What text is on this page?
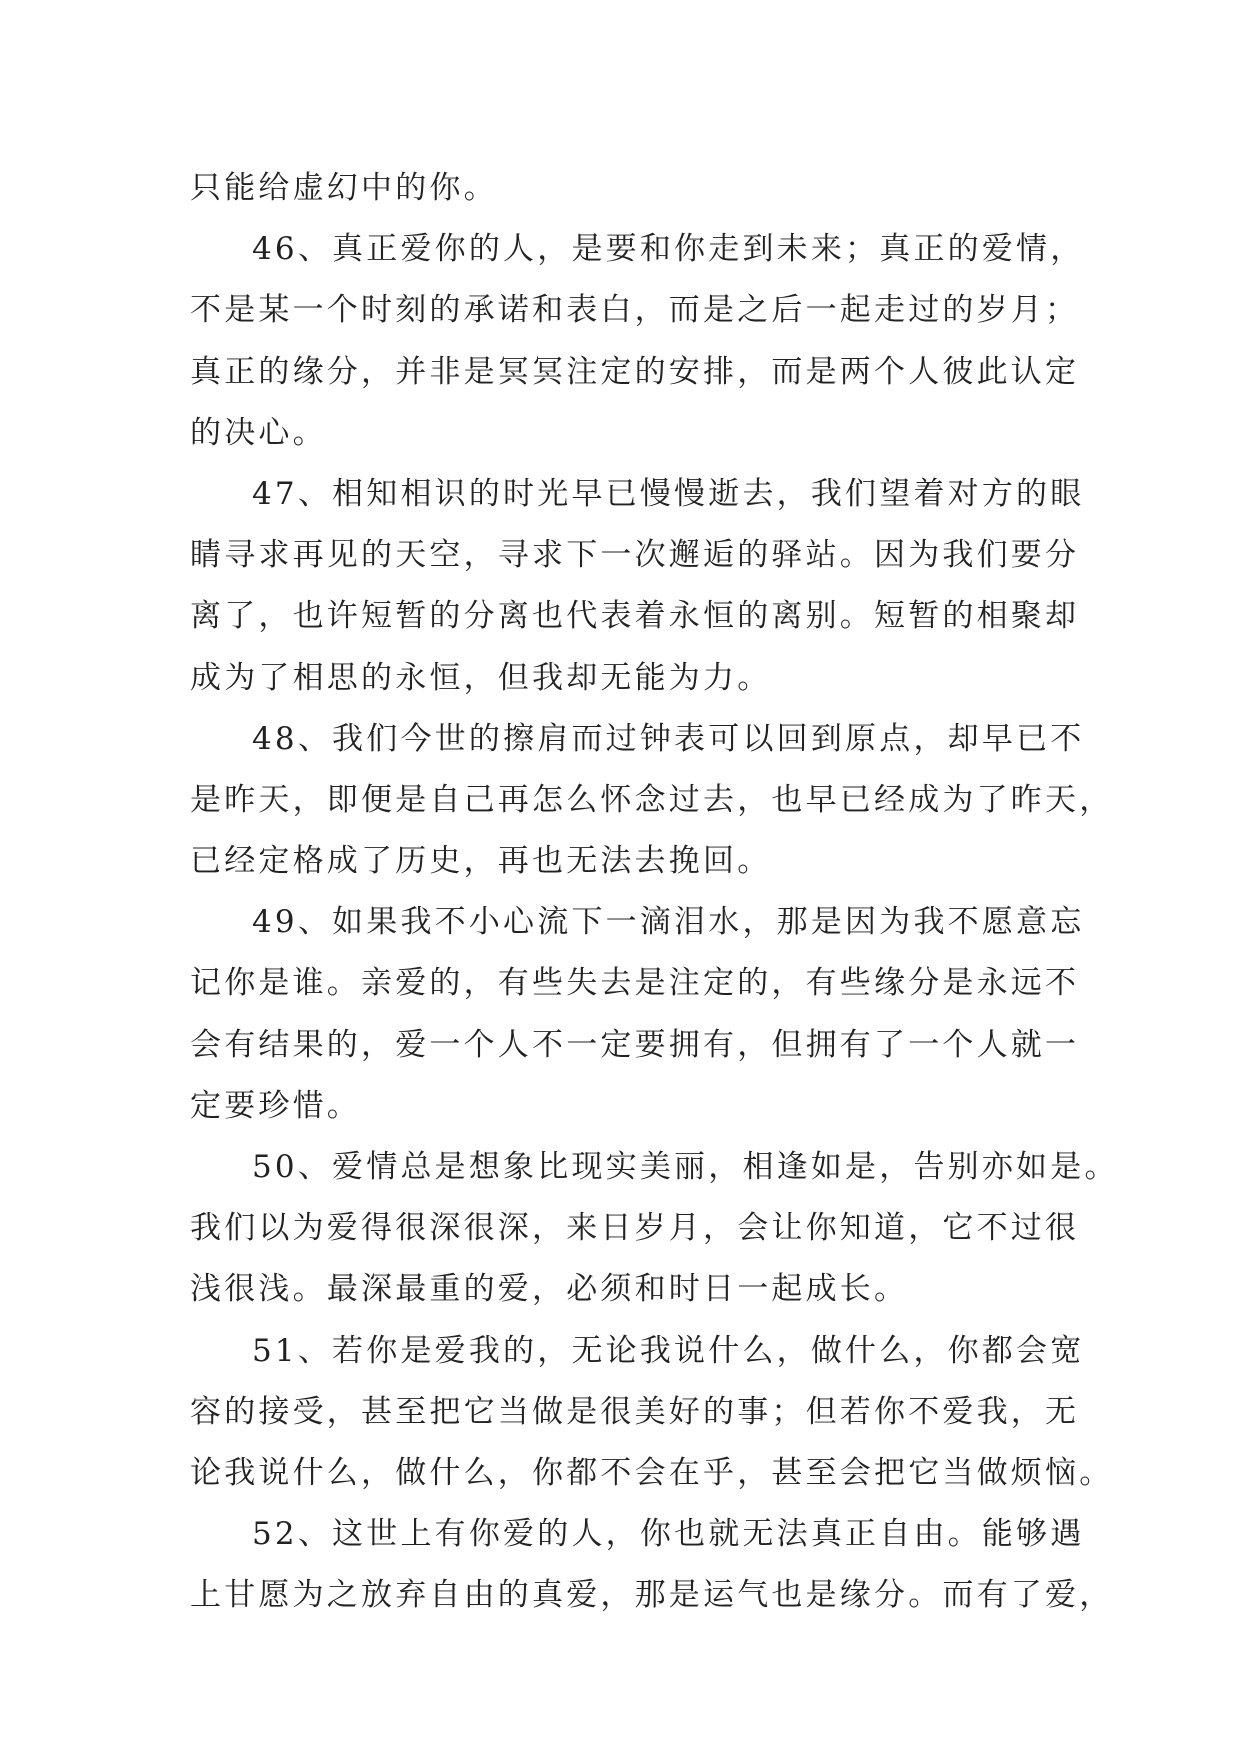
只能给虚幻中的你。
46、真正爱你的人，是要和你走到未来；真正的爱情，
不是某一个时刻的承诺和表白，而是之后一起走过的岁月；
真正的缘分，并非是冥冥注定的安排，而是两个人彼此认定
的决心。
47、相知相识的时光早已慢慢逝去，我们望着对方的眼
睛寻求再见的天空，寻求下一次邂逅的驿站。因为我们要分
离了，也许短暂的分离也代表着永恒的离别。短暂的相聚却
成为了相思的永恒，但我却无能为力。
48、我们今世的擦肩而过钟表可以回到原点，却早已不
是昨天，即便是自己再怎么怀念过去，也早已经成为了昨天，
已经定格成了历史，再也无法去挽回。
49、如果我不小心流下一滴泪水，那是因为我不愿意忘
记你是谁。亲爱的，有些失去是注定的，有些缘分是永远不
会有结果的，爱一个人不一定要拥有，但拥有了一个人就一
定要珍惜。
50、爱情总是想象比现实美丽，相逢如是，告别亦如是。
我们以为爱得很深很深，来日岁月，会让你知道，它不过很
浅很浅。最深最重的爱，必须和时日一起成长。
51、若你是爱我的，无论我说什么，做什么，你都会宽
容的接受，甚至把它当做是很美好的事；但若你不爱我，无
论我说什么，做什么，你都不会在乎，甚至会把它当做烦恼。
52、这世上有你爱的人，你也就无法真正自由。能够遇
上甘愿为之放弃自由的真爱，那是运气也是缘分。而有了爱，
